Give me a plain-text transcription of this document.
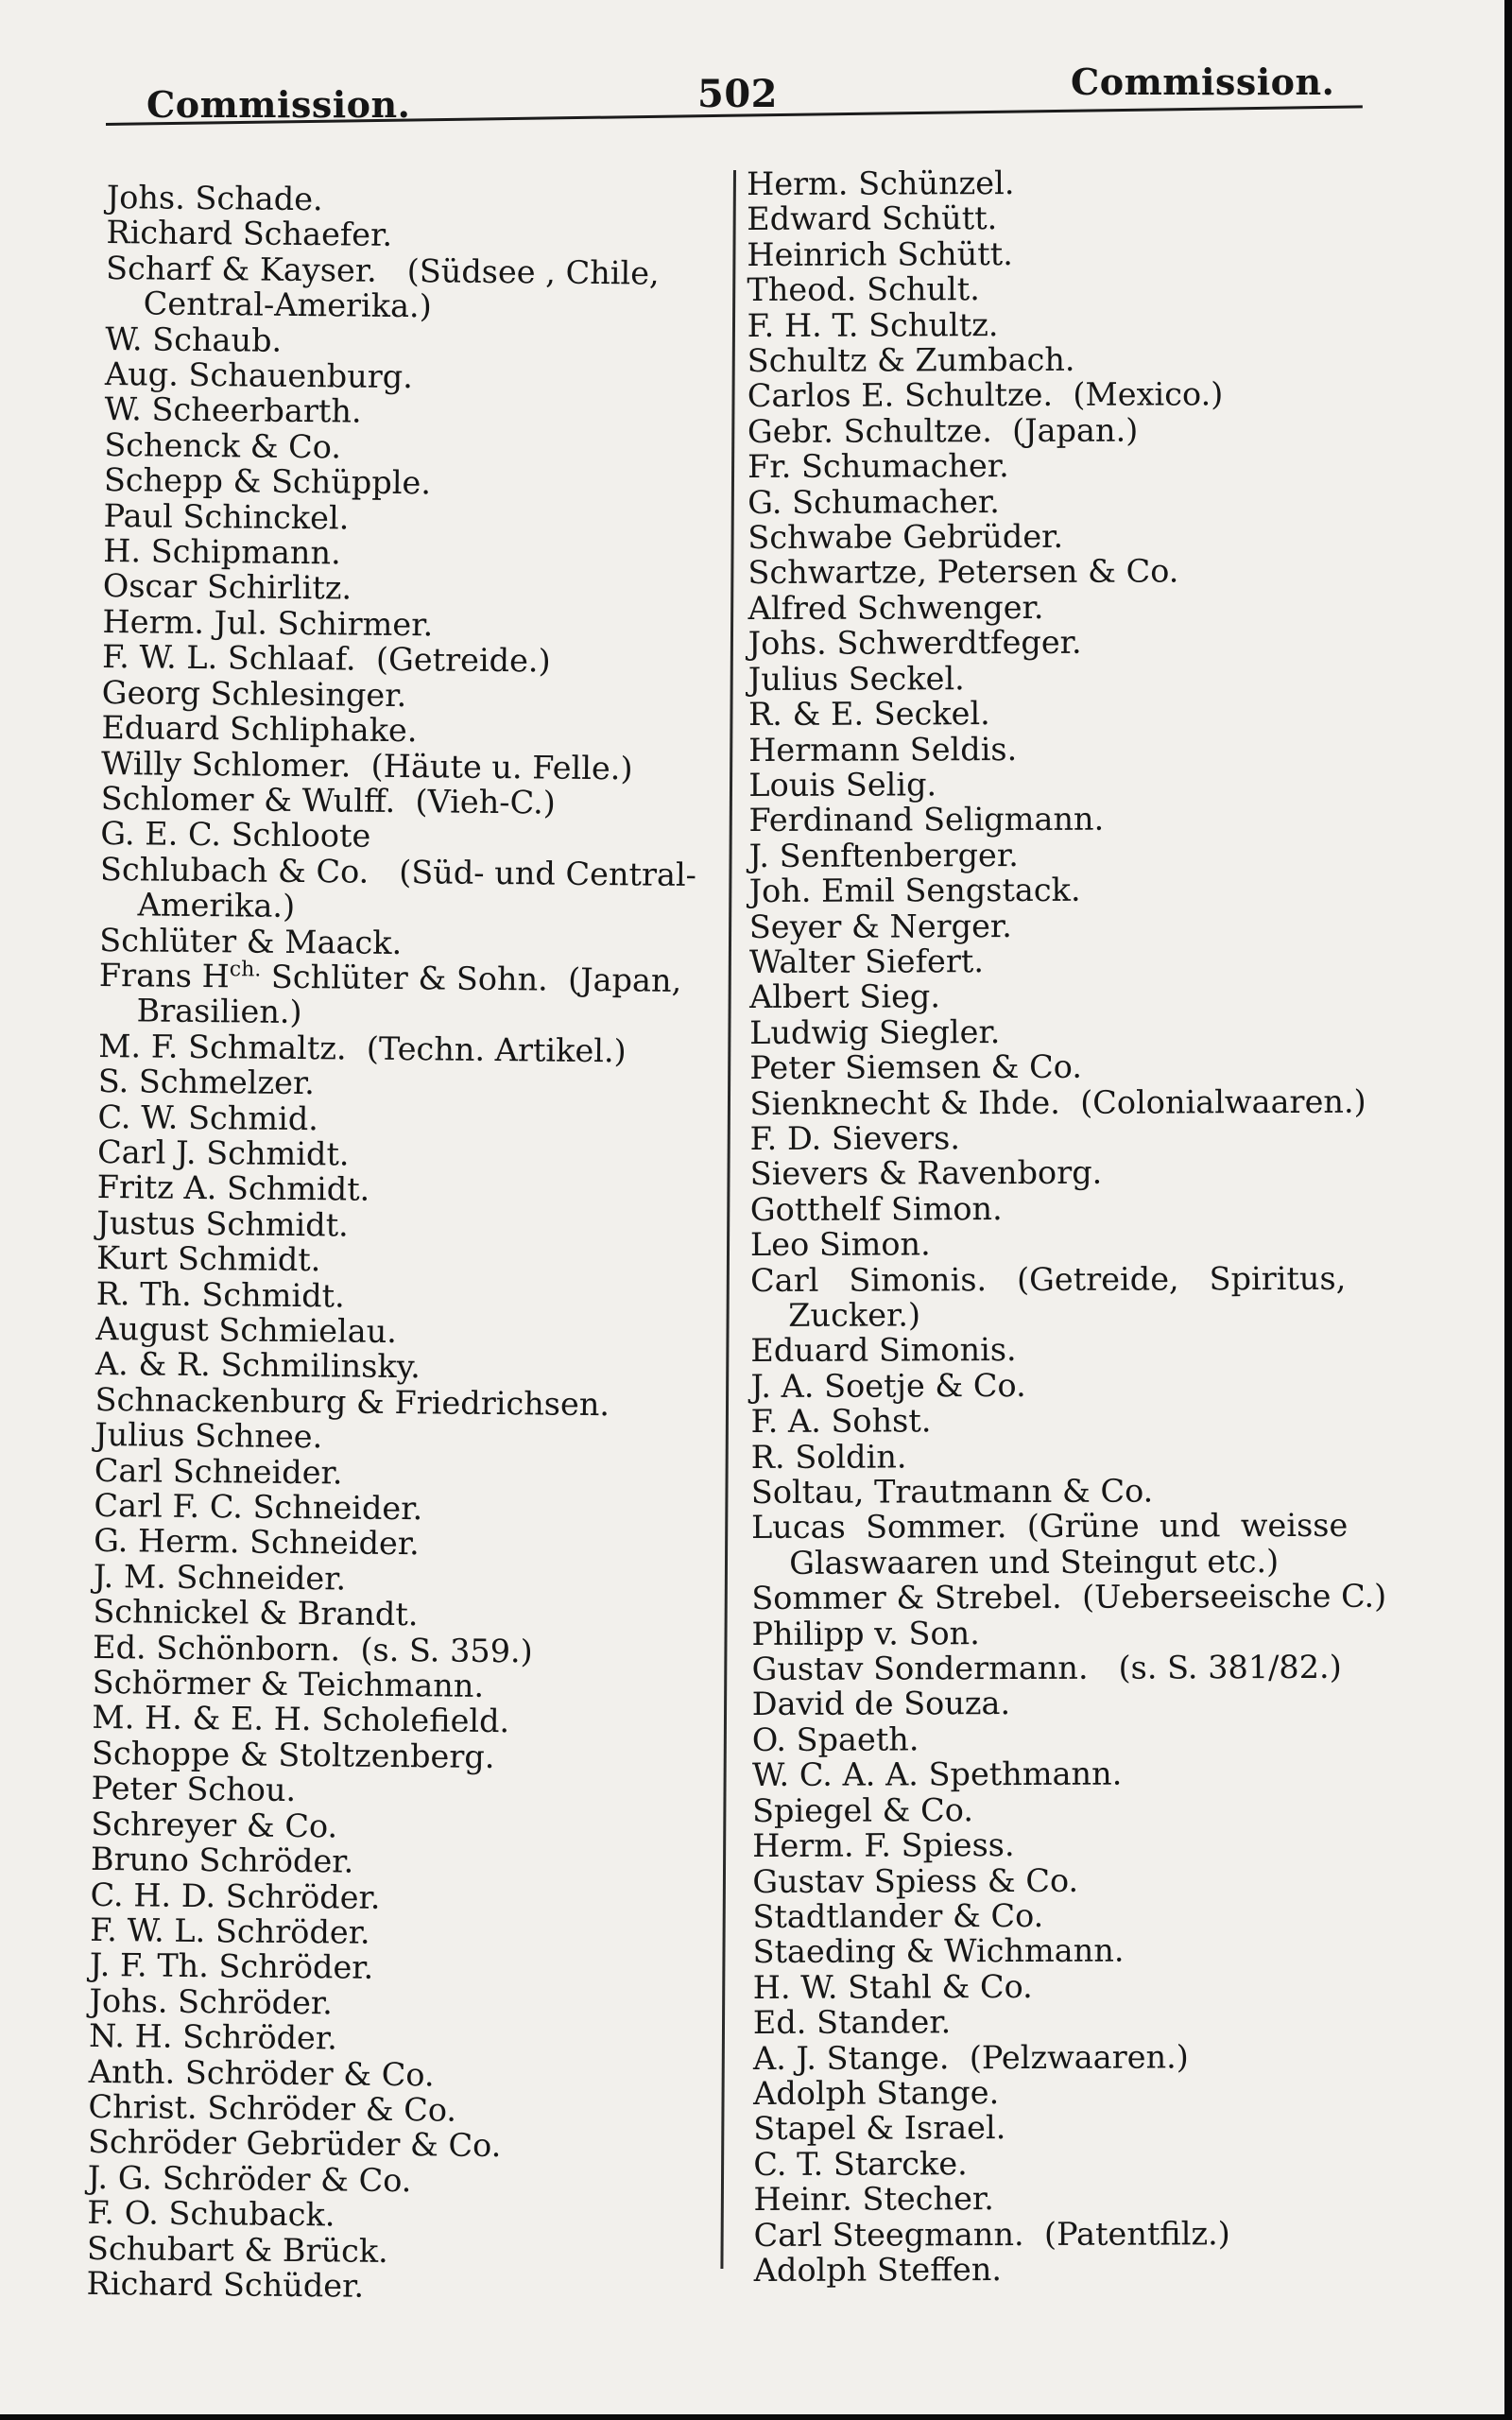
Commission.	502	Commission.
Johs. Schade.
Richard Schaefer.
Scharf & Kayser.   (Südsee , Chile,
Central-Amerika.)
W. Schaub.
Aug. Schauenburg.
W. Scheerbarth.
Schenck & Co.
Schepp & Schüpple.
Paul Schinckel.
H. Schipmann.
Oscar Schirlitz.
Herm. Jul. Schirmer.
F. W. L. Schlaaf.  (Getreide.)
Georg Schlesinger.
Eduard Schliphake.
Willy Schlomer.  (Häute u. Felle.)
Schlomer & Wulff.  (Vieh-C.)
G. E. C. Schloote
Schlubach & Co.   (Süd- und Central-
Amerika.)
Schlüter & Maack.
Frans $H^{ch.}$ Schlüter & Sohn.  (Japan,
Brasilien.)
M. F. Schmaltz.  (Techn. Artikel.)
S. Schmelzer.
C. W. Schmid.
Carl J. Schmidt.
Fritz A. Schmidt.
Justus Schmidt.
Kurt Schmidt.
R. Th. Schmidt.
August Schmielau.
A. & R. Schmilinsky.
Schnackenburg & Friedrichsen.
Julius Schnee.
Carl Schneider.
Carl F. C. Schneider.
G. Herm. Schneider.
J. M. Schneider.
Schnickel & Brandt.
Ed. Schönborn.  (s. S. 359.)
Schörmer & Teichmann.
M. H. & E. H. Scholefield.
Schoppe & Stoltzenberg.
Peter Schou.
Schreyer & Co.
Bruno Schröder.
C. H. D. Schröder.
F. W. L. Schröder.
J. F. Th. Schröder.
Johs. Schröder.
N. H. Schröder.
Anth. Schröder & Co.
Christ. Schröder & Co.
Schröder Gebrüder & Co.
J. G. Schröder & Co.
F. O. Schuback.
Schubart & Brück.
Richard Schüder.
Herm. Schünzel.
Edward Schütt.
Heinrich Schütt.
Theod. Schult.
F. H. T. Schultz.
Schultz & Zumbach.
Carlos E. Schultze.  (Mexico.)
Gebr. Schultze.  (Japan.)
Fr. Schumacher.
G. Schumacher.
Schwabe Gebrüder.
Schwartze, Petersen & Co.
Alfred Schwenger.
Johs. Schwerdtfeger.
Julius Seckel.
R. & E. Seckel.
Hermann Seldis.
Louis Selig.
Ferdinand Seligmann.
J. Senftenberger.
Joh. Emil Sengstack.
Seyer & Nerger.
Walter Siefert.
Albert Sieg.
Ludwig Siegler.
Peter Siemsen & Co.
Sienknecht & Ihde.  (Colonialwaaren.)
F. D. Sievers.
Sievers & Ravenborg.
Gotthelf Simon.
Leo Simon.
Carl   Simonis.   (Getreide,   Spiritus,
Zucker.)
Eduard Simonis.
J. A. Soetje & Co.
F. A. Sohst.
R. Soldin.
Soltau, Trautmann & Co.
Lucas  Sommer.  (Grüne  und  weisse
Glaswaaren und Steingut etc.)
Sommer & Strebel.  (Ueberseeische C.)
Philipp v. Son.
Gustav Sondermann.   (s. S. 381/82.)
David de Souza.
O. Spaeth.
W. C. A. A. Spethmann.
Spiegel & Co.
Herm. F. Spiess.
Gustav Spiess & Co.
Stadtlander & Co.
Staeding & Wichmann.
H. W. Stahl & Co.
Ed. Stander.
A. J. Stange.  (Pelzwaaren.)
Adolph Stange.
Stapel & Israel.
C. T. Starcke.
Heinr. Stecher.
Carl Steegmann.  (Patentfilz.)
Adolph Steffen.
